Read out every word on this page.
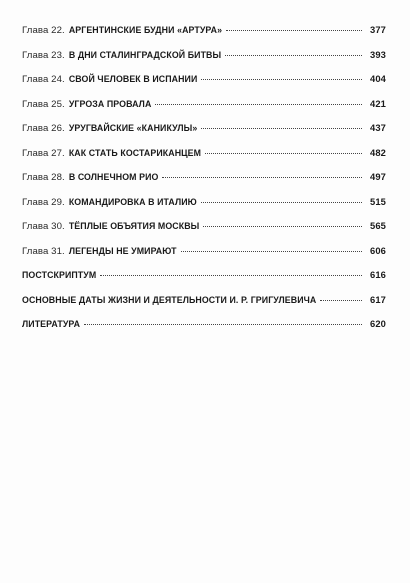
Глава 22. АРГЕНТИНСКИЕ БУДНИ «АРТУРА»	377
Глава 23. В ДНИ СТАЛИНГРАДСКОЙ БИТВЫ	393
Глава 24. СВОЙ ЧЕЛОВЕК В ИСПАНИИ	404
Глава 25. УГРОЗА ПРОВАЛА	421
Глава 26. УРУГВАЙСКИЕ «КАНИКУЛЫ»	437
Глава 27. КАК СТАТЬ КОСТАРИКАНЦЕМ	482
Глава 28. В СОЛНЕЧНОМ РИО	497
Глава 29. КОМАНДИРОВКА В ИТАЛИЮ	515
Глава 30. ТЁПЛЫЕ ОБЪЯТИЯ МОСКВЫ	565
Глава 31. ЛЕГЕНДЫ НЕ УМИРАЮТ	606
ПОСТСКРИПТУМ	616
ОСНОВНЫЕ ДАТЫ ЖИЗНИ И ДЕЯТЕЛЬНОСТИ И. Р. ГРИГУЛЕВИЧА	617
ЛИТЕРАТУРА	620
